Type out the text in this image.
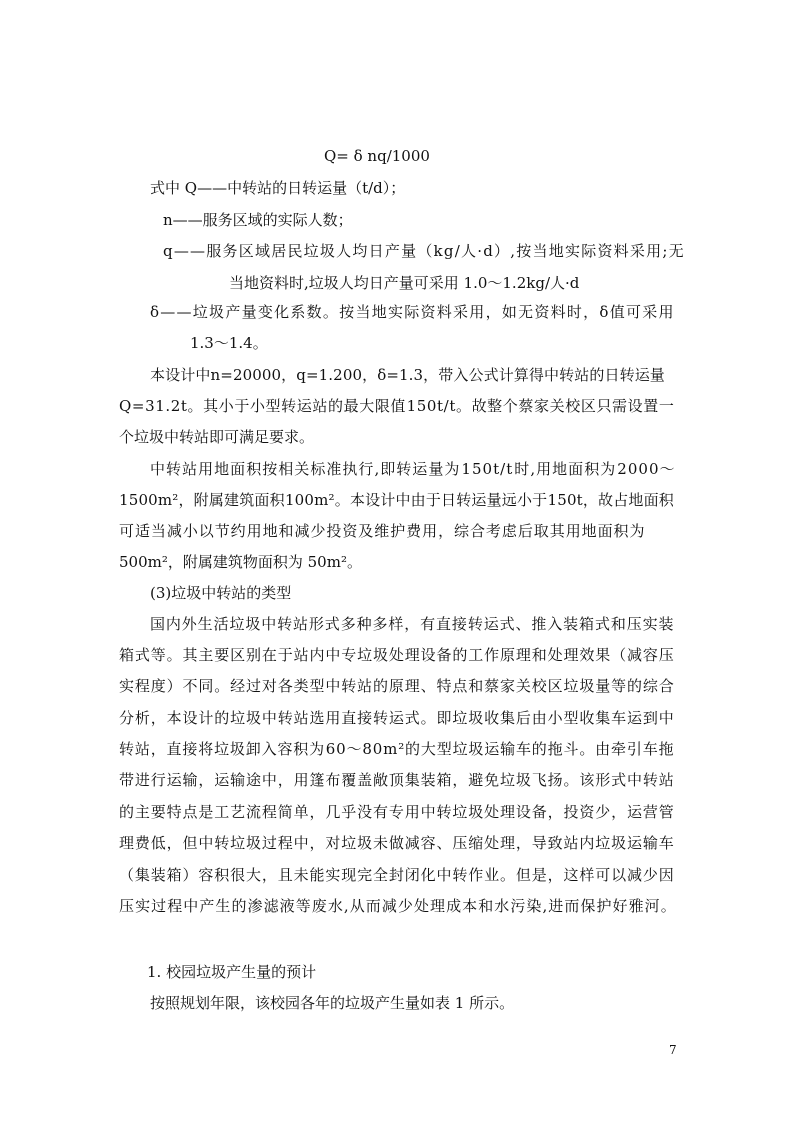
Q= δ nq/1000
式中 Q——中转站的日转运量（t/d）；
n——服务区域的实际人数；
q — — 服 务 区 域 居 民 垃 圾 人 均 日 产 量 （ k g / 人 · d ） , 按 当 地 实 际 资 料 采 用 ; 无
当地资料时,垃圾人均日产量可采用 1.0～1.2kg/人·d
δ — — 垃 圾 产 量 变 化 系 数 。 按 当 地 实 际 资 料 采 用 ， 如 无 资 料 时 ， δ 值 可 采 用
1.3～1.4。
本 设 计 中 n = 2 0 0 0 0 ， q = 1 . 2 0 0 ， δ = 1 . 3 ， 带 入 公 式 计 算 得 中 转 站 的 日 转 运 量
Q = 3 1 . 2 t 。 其 小 于 小 型 转 运 站 的 最 大 限 值 1 5 0 t / t 。 故 整 个 蔡 家 关 校 区 只 需 设 置 一
个垃圾中转站即可满足要求。
中 转 站 用 地 面 积 按 相 关 标 准 执 行 , 即 转 运 量 为 1 5 0 t / t 时 , 用 地 面 积 为 2 0 0 0 ～
1 5 0 0 m ² ， 附 属 建 筑 面 积 1 0 0 m ² 。 本 设 计 中 由 于 日 转 运 量 远 小 于 1 5 0 t ， 故 占 地 面 积
可 适 当 减 小 以 节 约 用 地 和 减 少 投 资 及 维 护 费 用 ， 综 合 考 虑 后 取 其 用 地 面 积 为
500m²，附属建筑物面积为 50m²。
(3)垃圾中转站的类型
国 内 外 生 活 垃 圾 中 转 站 形 式 多 种 多 样 ， 有 直 接 转 运 式 、 推 入 装 箱 式 和 压 实 装
箱 式 等 。 其 主 要 区 别 在 于 站 内 中 专 垃 圾 处 理 设 备 的 工 作 原 理 和 处 理 效 果 （ 减 容 压
实 程 度 ） 不 同 。 经 过 对 各 类 型 中 转 站 的 原 理 、 特 点 和 蔡 家 关 校 区 垃 圾 量 等 的 综 合
分 析 ， 本 设 计 的 垃 圾 中 转 站 选 用 直 接 转 运 式 。 即 垃 圾 收 集 后 由 小 型 收 集 车 运 到 中
转 站 ， 直 接 将 垃 圾 卸 入 容 积 为 6 0 ～ 8 0 m ² 的 大 型 垃 圾 运 输 车 的 拖 斗 。 由 牵 引 车 拖
带 进 行 运 输 ， 运 输 途 中 ， 用 篷 布 覆 盖 敞 顶 集 装 箱 ， 避 免 垃 圾 飞 扬 。 该 形 式 中 转 站
的 主 要 特 点 是 工 艺 流 程 简 单 ， 几 乎 没 有 专 用 中 转 垃 圾 处 理 设 备 ， 投 资 少 ， 运 营 管
理 费 低 ， 但 中 转 垃 圾 过 程 中 ， 对 垃 圾 未 做 减 容 、 压 缩 处 理 ， 导 致 站 内 垃 圾 运 输 车
（ 集 装 箱 ） 容 积 很 大 ， 且 未 能 实 现 完 全 封 闭 化 中 转 作 业 。 但 是 ， 这 样 可 以 减 少 因
压 实 过 程 中 产 生 的 渗 滤 液 等 废 水 , 从 而 减 少 处 理 成 本 和 水 污 染 , 进 而 保 护 好 雅 河 。
1. 校园垃圾产生量的预计
按照规划年限，该校园各年的垃圾产生量如表 1 所示。
7
